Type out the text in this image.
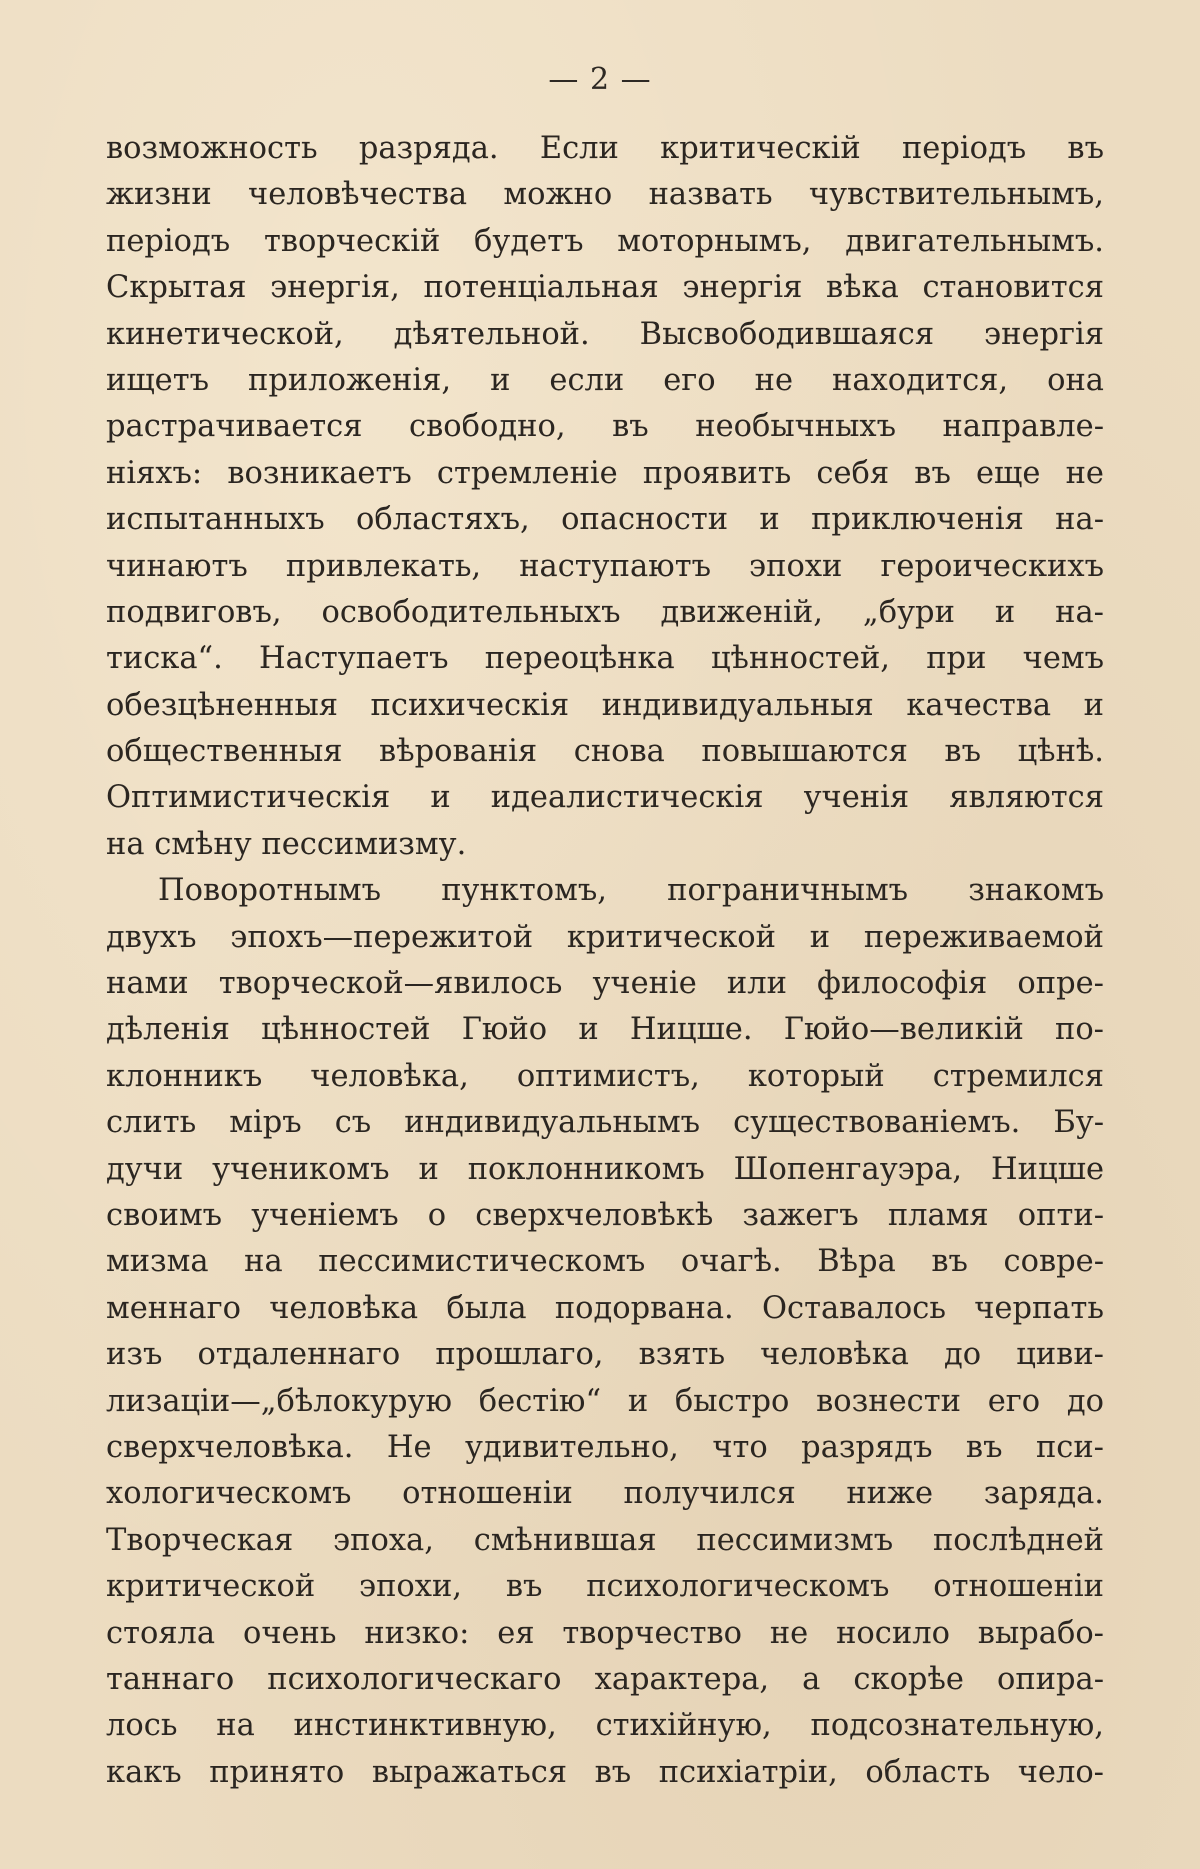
— 2 —
возможность разряда. Если критическій періодъ въ
жизни человѣчества можно назвать чувствительнымъ,
періодъ творческій будетъ моторнымъ, двигательнымъ.
Скрытая энергія, потенціальная энергія вѣка становится
кинетической, дѣятельной. Высвободившаяся энергія
ищетъ приложенія, и если его не находится, она
растрачивается свободно, въ необычныхъ направле-
ніяхъ: возникаетъ стремленіе проявить себя въ еще не
испытанныхъ областяхъ, опасности и приключенія на-
чинаютъ привлекать, наступаютъ эпохи героическихъ
подвиговъ, освободительныхъ движеній, „бури и на-
тиска“. Наступаетъ переоцѣнка цѣнностей, при чемъ
обезцѣненныя психическія индивидуальныя качества и
общественныя вѣрованія снова повышаются въ цѣнѣ.
Оптимистическія и идеалистическія ученія являются
на смѣну пессимизму.
Поворотнымъ пунктомъ, пограничнымъ знакомъ
двухъ эпохъ—пережитой критической и переживаемой
нами творческой—явилось ученіе или философія опре-
дѣленія цѣнностей Гюйо и Ницше. Гюйо—великій по-
клонникъ человѣка, оптимистъ, который стремился
слить міръ съ индивидуальнымъ существованіемъ. Бу-
дучи ученикомъ и поклонникомъ Шопенгауэра, Ницше
своимъ ученіемъ о сверхчеловѣкѣ зажегъ пламя опти-
мизма на пессимистическомъ очагѣ. Вѣра въ совре-
меннаго человѣка была подорвана. Оставалось черпать
изъ отдаленнаго прошлаго, взять человѣка до циви-
лизаціи—„бѣлокурую бестію“ и быстро вознести его до
сверхчеловѣка. Не удивительно, что разрядъ въ пси-
хологическомъ отношеніи получился ниже заряда.
Творческая эпоха, смѣнившая пессимизмъ послѣдней
критической эпохи, въ психологическомъ отношеніи
стояла очень низко: ея творчество не носило вырабо-
таннаго психологическаго характера, а скорѣе опира-
лось на инстинктивную, стихійную, подсознательную,
какъ принято выражаться въ психіатріи, область чело-
